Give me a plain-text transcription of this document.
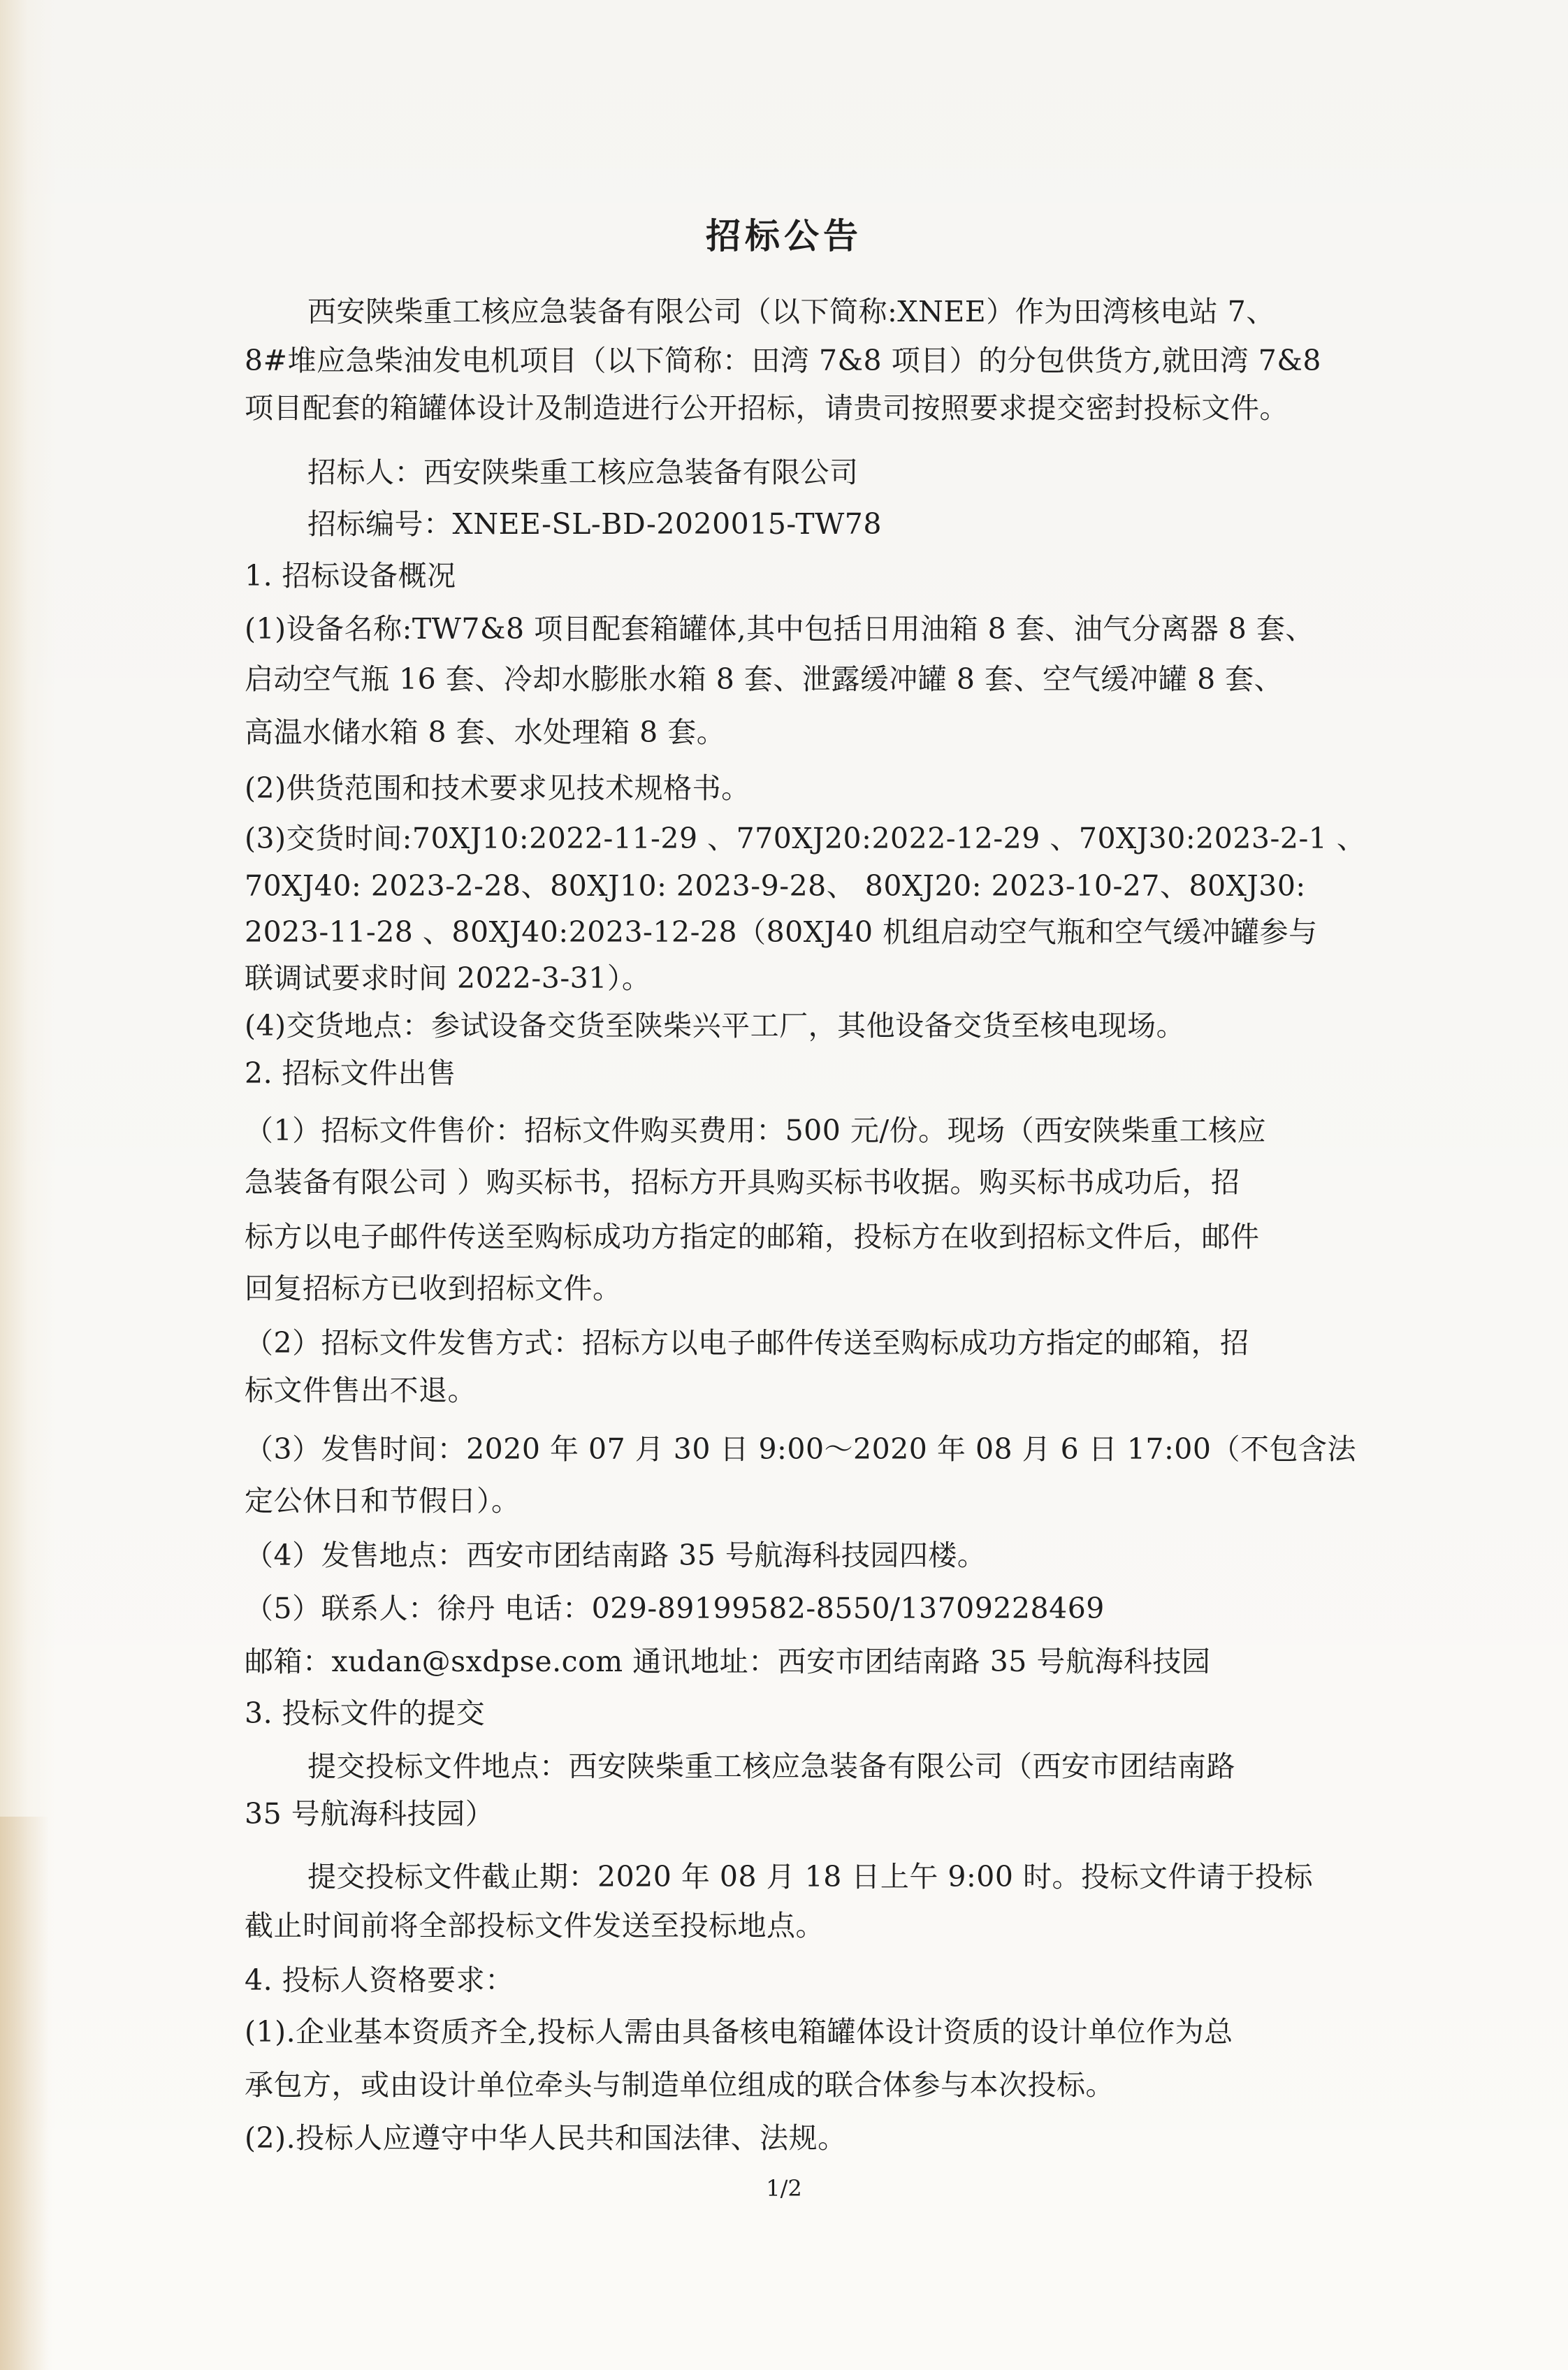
招标公告
西安陕柴重工核应急装备有限公司（以下简称:XNEE）作为田湾核电站 7、
8#堆应急柴油发电机项目（以下简称：田湾 7&8 项目）的分包供货方,就田湾 7&8
项目配套的箱罐体设计及制造进行公开招标，请贵司按照要求提交密封投标文件。
招标人：西安陕柴重工核应急装备有限公司
招标编号：XNEE-SL-BD-2020015-TW78
1. 招标设备概况
(1)设备名称:TW7&8 项目配套箱罐体,其中包括日用油箱 8 套、油气分离器 8 套、
启动空气瓶 16 套、冷却水膨胀水箱 8 套、泄露缓冲罐 8 套、空气缓冲罐 8 套、
高温水储水箱 8 套、水处理箱 8 套。
(2)供货范围和技术要求见技术规格书。
(3)交货时间:70XJ10:2022-11-29 、770XJ20:2022-12-29 、70XJ30:2023-2-1 、
70XJ40: 2023-2-28、80XJ10: 2023-9-28、 80XJ20: 2023-10-27、80XJ30:
2023-11-28 、80XJ40:2023-12-28（80XJ40 机组启动空气瓶和空气缓冲罐参与
联调试要求时间 2022-3-31）。
(4)交货地点：参试设备交货至陕柴兴平工厂，其他设备交货至核电现场。
2. 招标文件出售
（1）招标文件售价：招标文件购买费用：500 元/份。现场（西安陕柴重工核应
急装备有限公司 ）购买标书，招标方开具购买标书收据。购买标书成功后，招
标方以电子邮件传送至购标成功方指定的邮箱，投标方在收到招标文件后，邮件
回复招标方已收到招标文件。
（2）招标文件发售方式：招标方以电子邮件传送至购标成功方指定的邮箱，招
标文件售出不退。
（3）发售时间：2020 年 07 月 30 日 9:00～2020 年 08 月 6 日 17:00（不包含法
定公休日和节假日）。
（4）发售地点：西安市团结南路 35 号航海科技园四楼。
（5）联系人：徐丹 电话：029-89199582-8550/13709228469
邮箱：xudan@sxdpse.com 通讯地址：西安市团结南路 35 号航海科技园
3. 投标文件的提交
提交投标文件地点：西安陕柴重工核应急装备有限公司（西安市团结南路
35 号航海科技园）
提交投标文件截止期：2020 年 08 月 18 日上午 9:00 时。投标文件请于投标
截止时间前将全部投标文件发送至投标地点。
4. 投标人资格要求：
(1).企业基本资质齐全,投标人需由具备核电箱罐体设计资质的设计单位作为总
承包方，或由设计单位牵头与制造单位组成的联合体参与本次投标。
(2).投标人应遵守中华人民共和国法律、法规。
1/2
